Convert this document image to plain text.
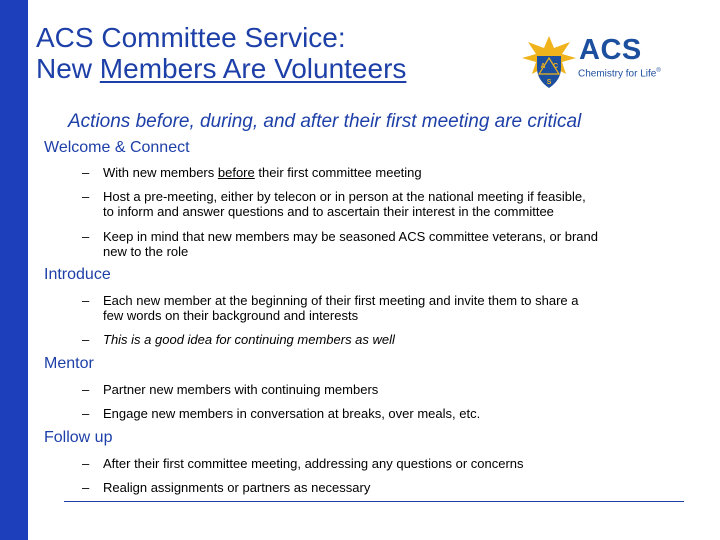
ACS Committee Service:
New Members Are Volunteers	A C
S
ACS
Chemistry for Life®
Actions before, during, and after their first meeting are critical
Welcome & Connect
– With new members before their first committee meeting
– Host a pre-meeting, either by telecon or in person at the national meeting if feasible,
to inform and answer questions and to ascertain their interest in the committee
– Keep in mind that new members may be seasoned ACS committee veterans, or brand
new to the role
Introduce
– Each new member at the beginning of their first meeting and invite them to share a
few words on their background and interests
– This is a good idea for continuing members as well
Mentor
– Partner new members with continuing members
– Engage new members in conversation at breaks, over meals, etc.
Follow up
– After their first committee meeting, addressing any questions or concerns
– Realign assignments or partners as necessary
